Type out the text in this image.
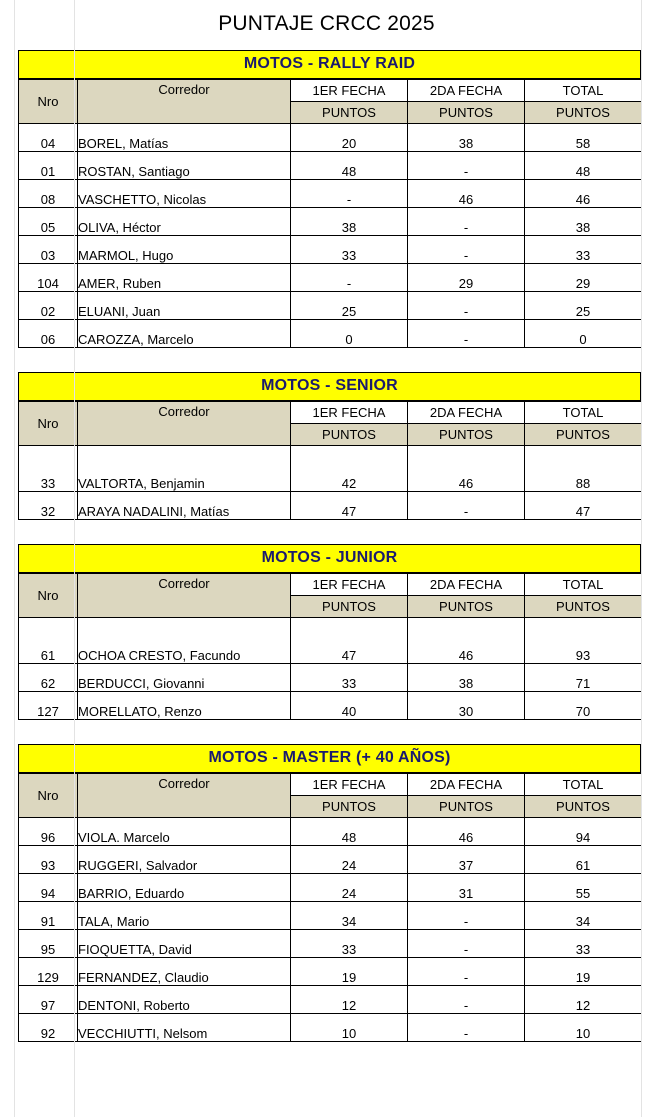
PUNTAJE CRCC 2025
MOTOS - RALLY RAID
Nro	Corredor	1ER FECHA	2DA FECHA	TOTAL
		PUNTOS	PUNTOS	PUNTOS
04	BOREL, Matías	20	38	58
01	ROSTAN, Santiago	48	-	48
08	VASCHETTO, Nicolas	-	46	46
05	OLIVA, Héctor	38	-	38
03	MARMOL, Hugo	33	-	33
104	AMER, Ruben	-	29	29
02	ELUANI, Juan	25	-	25
06	CAROZZA, Marcelo	0	-	0
MOTOS - SENIOR
Nro	Corredor	1ER FECHA	2DA FECHA	TOTAL
		PUNTOS	PUNTOS	PUNTOS
33	VALTORTA, Benjamin	42	46	88
32	ARAYA NADALINI, Matías	47	-	47
MOTOS - JUNIOR
Nro	Corredor	1ER FECHA	2DA FECHA	TOTAL
		PUNTOS	PUNTOS	PUNTOS
61	OCHOA CRESTO, Facundo	47	46	93
62	BERDUCCI, Giovanni	33	38	71
127	MORELLATO, Renzo	40	30	70
MOTOS - MASTER (+ 40 AÑOS)
Nro	Corredor	1ER FECHA	2DA FECHA	TOTAL
		PUNTOS	PUNTOS	PUNTOS
96	VIOLA. Marcelo	48	46	94
93	RUGGERI, Salvador	24	37	61
94	BARRIO, Eduardo	24	31	55
91	TALA, Mario	34	-	34
95	FIOQUETTA, David	33	-	33
129	FERNANDEZ, Claudio	19	-	19
97	DENTONI, Roberto	12	-	12
92	VECCHIUTTI, Nelsom	10	-	10
